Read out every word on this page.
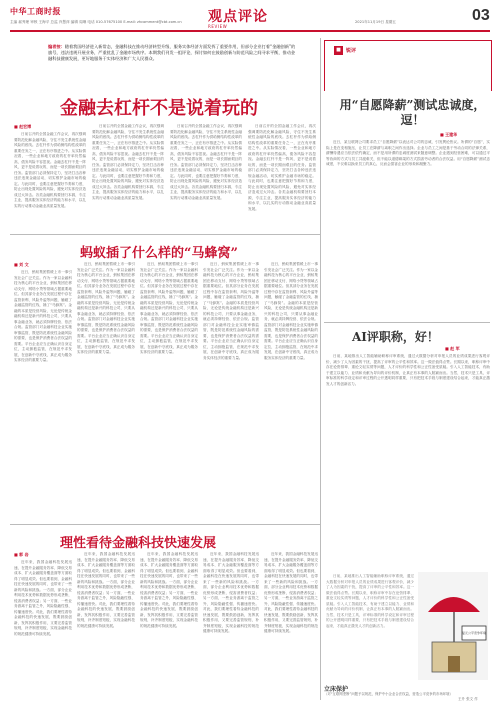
中华工商时报
主编 郝秀理 审核 王海平 总监 肖慧萍 编辑 周琳 电话 010-57675100 E-mail: zhcomment@cbt.com.cn 观点评论
REVIEW
2021年11月19日 星期五	03
编者按：随着我国经济进入新常态，金融科技在推动经济转型升级、服务实体经济方面发挥了重要作用，但部分企业打着“金融创新”的旗号，违法违规开展业务，严重扰乱了金融市场秩序。本期我们刊发一组评论，探讨如何在鼓励创新与防范风险之间寻求平衡，推动金融科技健康发展，更好地服务于实体经济和广大人民群众。
金融去杠杆不是说着玩的
■ 赵宏博

日前召开的全国金融工作会议，再次强调要防范化解金融风险，守住不发生系统性金融风险的底线。去杠杆作为供给侧结构性改革的重要任务之一，正在有序推进之中。从实际情况看，一些企业和地方政府的杠杆率仍然偏高，债务风险不容忽视。金融去杠杆不是一阵风，更不是说着玩的，而是一项长期而艰巨的任务。监管部门必须保持定力，坚决打击各种违法违规金融活动，切实维护金融市场的稳定。与此同时，也要注意把握好节奏和力度，防止出现处置风险的风险，避免对实体经济造成过大冲击。各类金融机构要回归本源，专注主业，提高服务实体经济的能力和水平，以扎实的行动推动金融业高质量发展。

日前召开的全国金融工作会议，再次强调要防范化解金融风险，守住不发生系统性金融风险的底线。去杠杆作为供给侧结构性改革的重要任务之一，正在有序推进之中。从实际情况看，一些企业和地方政府的杠杆率仍然偏高，债务风险不容忽视。金融去杠杆不是一阵风，更不是说着玩的，而是一项长期而艰巨的任务。监管部门必须保持定力，坚决打击各种违法违规金融活动，切实维护金融市场的稳定。与此同时，也要注意把握好节奏和力度，防止出现处置风险的风险，避免对实体经济造成过大冲击。各类金融机构要回归本源，专注主业，提高服务实体经济的能力和水平，以扎实的行动推动金融业高质量发展。

日前召开的全国金融工作会议，再次强调要防范化解金融风险，守住不发生系统性金融风险的底线。去杠杆作为供给侧结构性改革的重要任务之一，正在有序推进之中。从实际情况看，一些企业和地方政府的杠杆率仍然偏高，债务风险不容忽视。金融去杠杆不是一阵风，更不是说着玩的，而是一项长期而艰巨的任务。监管部门必须保持定力，坚决打击各种违法违规金融活动，切实维护金融市场的稳定。与此同时，也要注意把握好节奏和力度，防止出现处置风险的风险，避免对实体经济造成过大冲击。各类金融机构要回归本源，专注主业，提高服务实体经济的能力和水平，以扎实的行动推动金融业高质量发展。

日前召开的全国金融工作会议，再次强调要防范化解金融风险，守住不发生系统性金融风险的底线。去杠杆作为供给侧结构性改革的重要任务之一，正在有序推进之中。从实际情况看，一些企业和地方政府的杠杆率仍然偏高，债务风险不容忽视。金融去杠杆不是一阵风，更不是说着玩的，而是一项长期而艰巨的任务。监管部门必须保持定力，坚决打击各种违法违规金融活动，切实维护金融市场的稳定。与此同时，也要注意把握好节奏和力度，防止出现处置风险的风险，避免对实体经济造成过大冲击。各类金融机构要回归本源，专注主业，提高服务实体经济的能力和水平，以扎实的行动推动金融业高质量发展。

蚂蚁插了什么样的“马蜂窝”
■ 刘 文

近日，蚂蚁集团暂缓上市一事引发社会广泛关注。作为一家以金融科技为核心的平台企业，蚂蚁集团在移动支付、网络小贷等领域占据重要地位。但其部分业务在发展过程中存在监管套利、风险外溢等问题，触碰了金融监管的红线，捅了“马蜂窝”。金融的本质是经营风险，无论是传统金融机构还是新兴的科技公司，只要从事金融业务，就必须持牌经营、依法合规。监管部门对金融科技企业实施审慎监管，既是防范系统性金融风险的需要，也是保护消费者合法权益的需要。平台企业应当正确认识自身定位，主动拥抱监管，在规范中求发展，在创新中守底线，真正成为服务实体经济的重要力量。

近日，蚂蚁集团暂缓上市一事引发社会广泛关注。作为一家以金融科技为核心的平台企业，蚂蚁集团在移动支付、网络小贷等领域占据重要地位。但其部分业务在发展过程中存在监管套利、风险外溢等问题，触碰了金融监管的红线，捅了“马蜂窝”。金融的本质是经营风险，无论是传统金融机构还是新兴的科技公司，只要从事金融业务，就必须持牌经营、依法合规。监管部门对金融科技企业实施审慎监管，既是防范系统性金融风险的需要，也是保护消费者合法权益的需要。平台企业应当正确认识自身定位，主动拥抱监管，在规范中求发展，在创新中守底线，真正成为服务实体经济的重要力量。

近日，蚂蚁集团暂缓上市一事引发社会广泛关注。作为一家以金融科技为核心的平台企业，蚂蚁集团在移动支付、网络小贷等领域占据重要地位。但其部分业务在发展过程中存在监管套利、风险外溢等问题，触碰了金融监管的红线，捅了“马蜂窝”。金融的本质是经营风险，无论是传统金融机构还是新兴的科技公司，只要从事金融业务，就必须持牌经营、依法合规。监管部门对金融科技企业实施审慎监管，既是防范系统性金融风险的需要，也是保护消费者合法权益的需要。平台企业应当正确认识自身定位，主动拥抱监管，在规范中求发展，在创新中守底线，真正成为服务实体经济的重要力量。

近日，蚂蚁集团暂缓上市一事引发社会广泛关注。作为一家以金融科技为核心的平台企业，蚂蚁集团在移动支付、网络小贷等领域占据重要地位。但其部分业务在发展过程中存在监管套利、风险外溢等问题，触碰了金融监管的红线，捅了“马蜂窝”。金融的本质是经营风险，无论是传统金融机构还是新兴的科技公司，只要从事金融业务，就必须持牌经营、依法合规。监管部门对金融科技企业实施审慎监管，既是防范系统性金融风险的需要，也是保护消费者合法权益的需要。平台企业应当正确认识自身定位，主动拥抱监管，在规范中求发展，在创新中守底线，真正成为服务实体经济的重要力量。

近日，蚂蚁集团暂缓上市一事引发社会广泛关注。作为一家以金融科技为核心的平台企业，蚂蚁集团在移动支付、网络小贷等领域占据重要地位。但其部分业务在发展过程中存在监管套利、风险外溢等问题，触碰了金融监管的红线，捅了“马蜂窝”。金融的本质是经营风险，无论是传统金融机构还是新兴的科技公司，只要从事金融业务，就必须持牌经营、依法合规。监管部门对金融科技企业实施审慎监管，既是防范系统性金融风险的需要，也是保护消费者合法权益的需要。平台企业应当正确认识自身定位，主动拥抱监管，在规范中求发展，在创新中守底线，真正成为服务实体经济的重要力量。

理性看待金融科技快速发展
■ 郭 岩

近年来，我国金融科技发展迅速，在提升金融服务效率、降低交易成本、扩大金融服务覆盖面等方面取得了明显成效。但也要看到，金融科技在快速发展的同时，也带来了一些新的风险和挑战。一方面，部分企业利用技术优势和数据优势形成垄断，侵害消费者权益；另一方面，一些业务游离于监管之外，风险隐蔽性强、传播速度快。对此，我们要理性看待金融科技的快速发展，既要鼓励创新，发挥其积极作用，又要完善监管规则，补齐制度短板，实现金融科技的规范健康可持续发展。

近年来，我国金融科技发展迅速，在提升金融服务效率、降低交易成本、扩大金融服务覆盖面等方面取得了明显成效。但也要看到，金融科技在快速发展的同时，也带来了一些新的风险和挑战。一方面，部分企业利用技术优势和数据优势形成垄断，侵害消费者权益；另一方面，一些业务游离于监管之外，风险隐蔽性强、传播速度快。对此，我们要理性看待金融科技的快速发展，既要鼓励创新，发挥其积极作用，又要完善监管规则，补齐制度短板，实现金融科技的规范健康可持续发展。

近年来，我国金融科技发展迅速，在提升金融服务效率、降低交易成本、扩大金融服务覆盖面等方面取得了明显成效。但也要看到，金融科技在快速发展的同时，也带来了一些新的风险和挑战。一方面，部分企业利用技术优势和数据优势形成垄断，侵害消费者权益；另一方面，一些业务游离于监管之外，风险隐蔽性强、传播速度快。对此，我们要理性看待金融科技的快速发展，既要鼓励创新，发挥其积极作用，又要完善监管规则，补齐制度短板，实现金融科技的规范健康可持续发展。

近年来，我国金融科技发展迅速，在提升金融服务效率、降低交易成本、扩大金融服务覆盖面等方面取得了明显成效。但也要看到，金融科技在快速发展的同时，也带来了一些新的风险和挑战。一方面，部分企业利用技术优势和数据优势形成垄断，侵害消费者权益；另一方面，一些业务游离于监管之外，风险隐蔽性强、传播速度快。对此，我们要理性看待金融科技的快速发展，既要鼓励创新，发挥其积极作用，又要完善监管规则，补齐制度短板，实现金融科技的规范健康可持续发展。

近年来，我国金融科技发展迅速，在提升金融服务效率、降低交易成本、扩大金融服务覆盖面等方面取得了明显成效。但也要看到，金融科技在快速发展的同时，也带来了一些新的风险和挑战。一方面，部分企业利用技术优势和数据优势形成垄断，侵害消费者权益；另一方面，一些业务游离于监管之外，风险隐蔽性强、传播速度快。对此，我们要理性看待金融科技的快速发展，既要鼓励创新，发挥其积极作用，又要完善监管规则，补齐制度短板，实现金融科技的规范健康可持续发展。

■ 锐评
用“自愿降薪”测试忠诚度，逗！
■ 王建华

近日，某互联网公司要求员工“自愿降薪”以表达对公司的忠诚，引发舆论热议。所谓的“自愿”，实际上是在变相施压，让员工在降薪与离职之间作出选择。企业与员工之间是基于劳动合同的法律关系，薪酬待遇应当依法依约确定，而不是用所谓的忠诚度测试来随意调整。企业遇到经营困难，可以通过平等协商的方式与员工共渡难关，但不能以道德绑架的方式损害劳动者的合法权益。用“自愿降薪”测试忠诚度，不仅难以换来员工的真心，反而会损害企业的形象和凝聚力。

AI评职称，好！
■ 赵 军

日前，某地推出人工智能辅助职称评审系统，通过大数据分析对申报人员的业绩成果进行客观评价，减少了人为因素的干扰，提高了评审的公平性和效率。这一做法值得点赞。长期以来，职称评审中存在论资排辈、重论文轻实绩等问题，人才评价的科学性和公正性备受质疑。引入人工智能技术，有助于建立以能力、业绩和贡献为导向的评价机制，让真正有本事的人脱颖而出。当然，技术只是工具，评审标准的科学设定和评审过程的公开透明同样重要，只有把技术手段与制度建设结合起来，才能真正激发人才的创新活力。

日前，某地推出人工智能辅助职称评审系统，通过大数据分析对申报人员的业绩成果进行客观评价，减少了人为因素的干扰，提高了评审的公平性和效率。这一做法值得点赞。长期以来，职称评审中存在论资排辈、重论文轻实绩等问题，人才评价的科学性和公正性备受质疑。引入人工智能技术，有助于建立以能力、业绩和贡献为导向的评价机制，让真正有本事的人脱颖而出。当然，技术只是工具，评审标准的科学设定和评审过程的公开透明同样重要，只有把技术手段与制度建设结合起来，才能真正激发人才的创新活力。

复元公平竞争环境
立床保护
（对“互联网垄断”问题予以规范，保护中小企业合法权益，营造公平竞争的市场环境）
王升 张文 作
